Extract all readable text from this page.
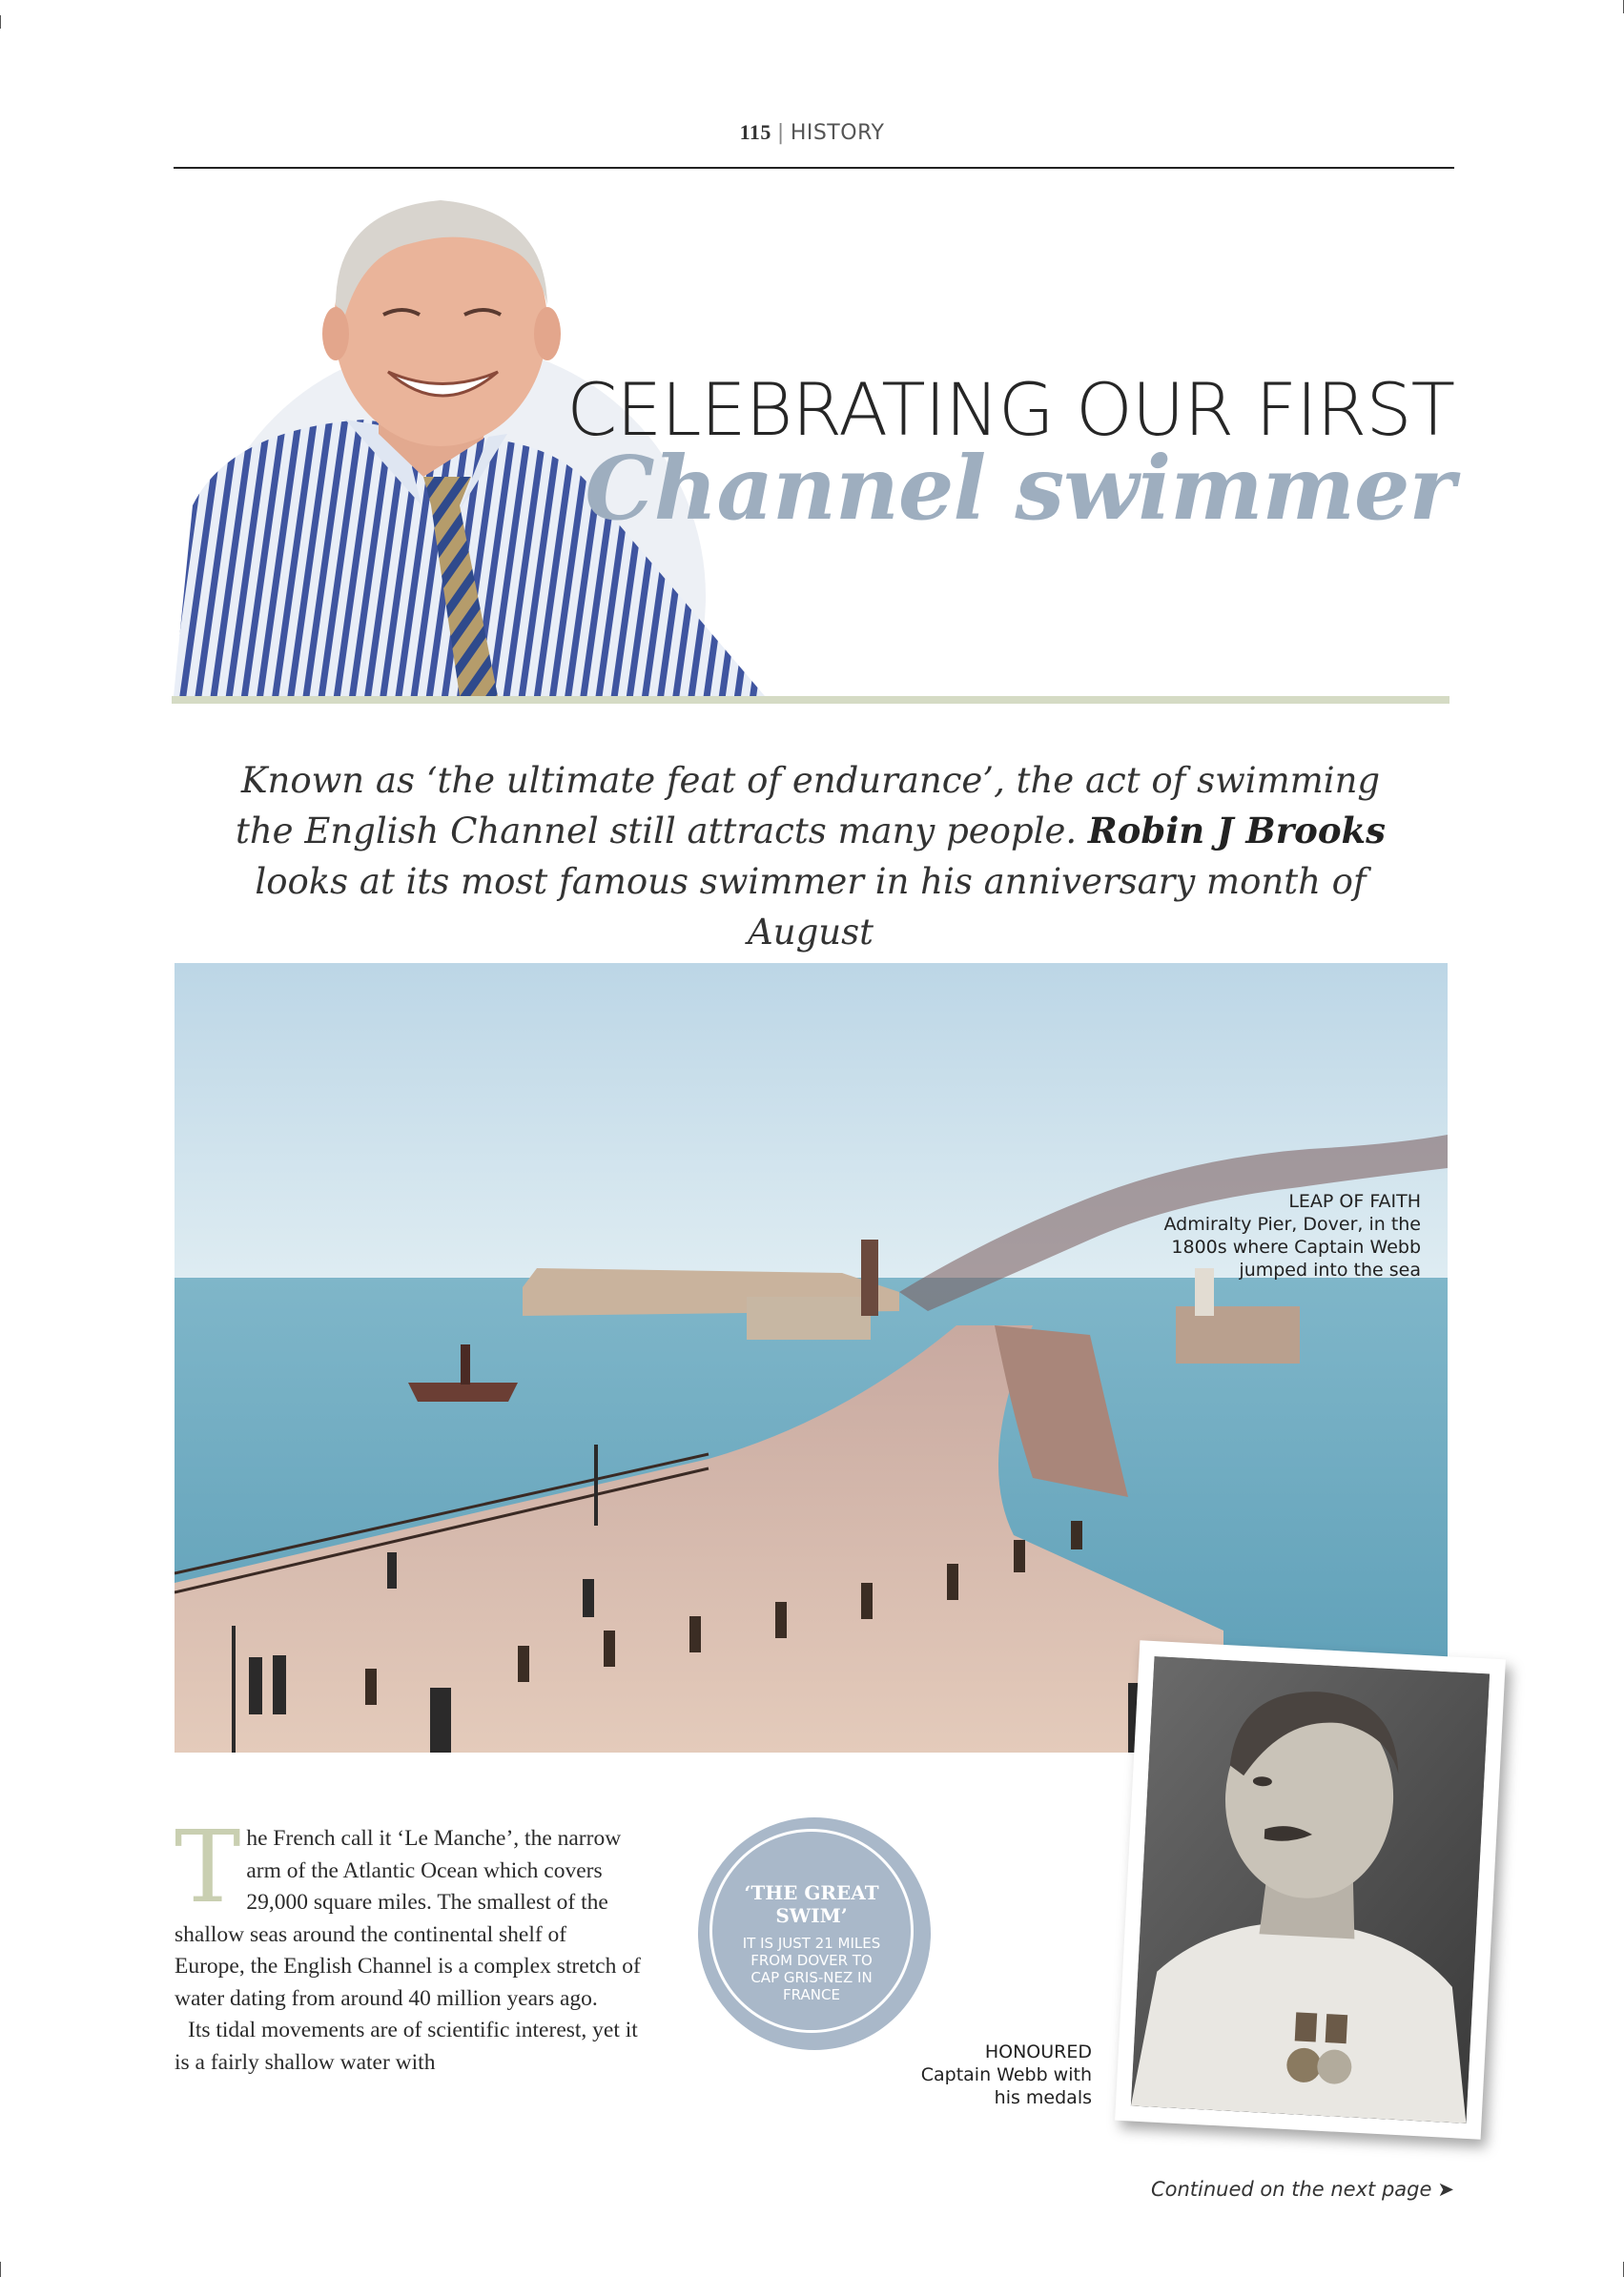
115 | HISTORY
CELEBRATING OUR FIRST
Channel swimmer
Known as ‘the ultimate feat of endurance’, the act of swimming the English Channel still attracts many people. Robin J Brooks looks at its most famous swimmer in his anniversary month of August
LEAP OF FAITH
Admiralty Pier, Dover, in the 1800s where Captain Webb jumped into the sea
HONOURED
Captain Webb with his medals
‘THE GREAT SWIM’
IT IS JUST 21 MILES FROM DOVER TO CAP GRIS-NEZ IN FRANCE

The French call it ‘Le Manche’, the narrow arm of the Atlantic Ocean which covers 29,000 square miles. The smallest of the shallow seas around the continental shelf of Europe, the English Channel is a complex stretch of water dating from around 40 million years ago.

Its tidal movements are of scientific interest, yet it is a fairly shallow water with

Continued on the next page ➤
